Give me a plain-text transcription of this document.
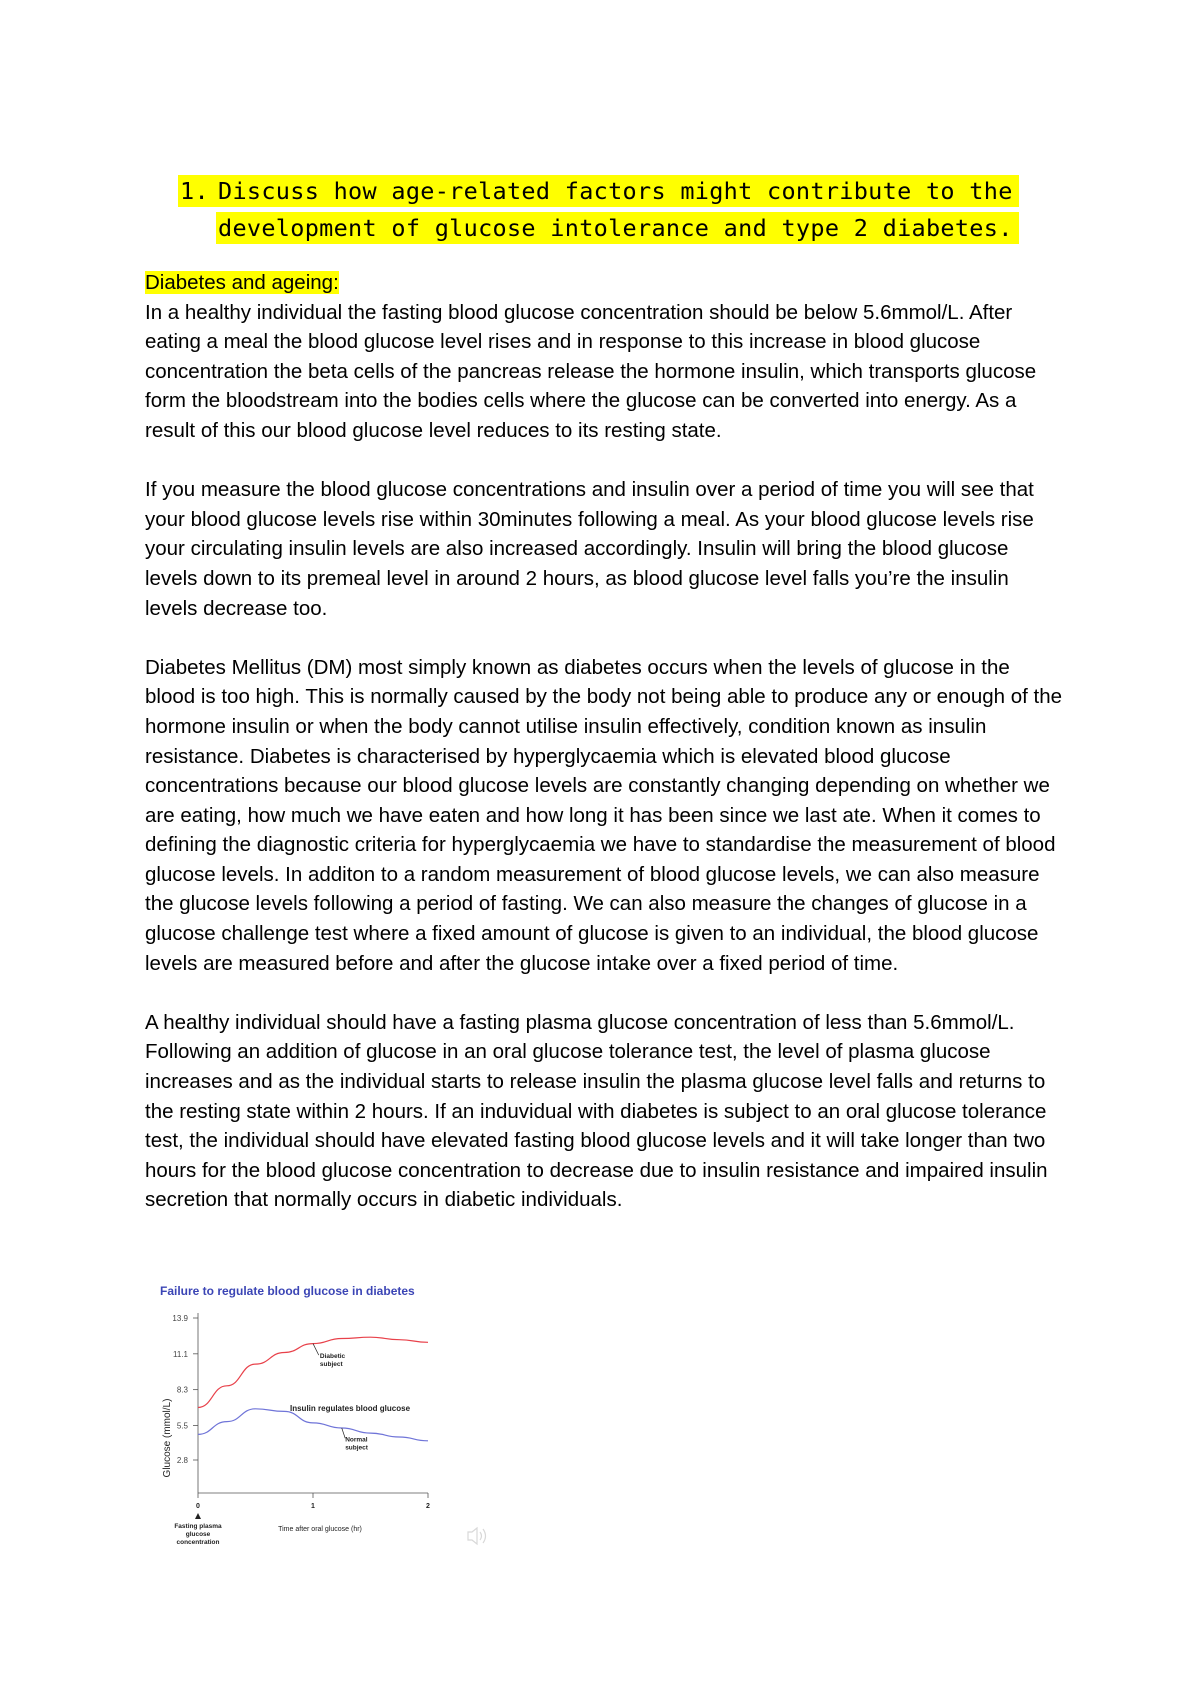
1. Discuss how age-related factors might contribute to the
development of glucose intolerance and type 2 diabetes.
Diabetes and ageing:

In a healthy individual the fasting blood glucose concentration should be below 5.6mmol/L. After eating a meal the blood glucose level rises and in response to this increase in blood glucose concentration the beta cells of the pancreas release the hormone insulin, which transports glucose form the bloodstream into the bodies cells where the glucose can be converted into energy. As a result of this our blood glucose level reduces to its resting state.

If you measure the blood glucose concentrations and insulin over a period of time you will see that your blood glucose levels rise within 30minutes following a meal. As your blood glucose levels rise your circulating insulin levels are also increased accordingly. Insulin will bring the blood glucose levels down to its premeal level in around 2 hours, as blood glucose level falls you’re the insulin levels decrease too.

Diabetes Mellitus (DM) most simply known as diabetes occurs when the levels of glucose in the blood is too high. This is normally caused by the body not being able to produce any or enough of the hormone insulin or when the body cannot utilise insulin effectively, condition known as insulin resistance. Diabetes is characterised by hyperglycaemia which is elevated blood glucose concentrations because our blood glucose levels are constantly changing depending on whether we are eating, how much we have eaten and how long it has been since we last ate. When it comes to defining the diagnostic criteria for hyperglycaemia we have to standardise the measurement of blood glucose levels. In additon to a random measurement of blood glucose levels, we can also measure the glucose levels following a period of fasting. We can also measure the changes of glucose in a glucose challenge test where a fixed amount of glucose is given to an individual, the blood glucose levels are measured before and after the glucose intake over a fixed period of time.

A healthy individual should have a fasting plasma glucose concentration of less than 5.6mmol/L. Following an addition of glucose in an oral glucose tolerance test, the level of plasma glucose increases and as the individual starts to release insulin the plasma glucose level falls and returns to the resting state within 2 hours. If an induvidual with diabetes is subject to an oral glucose tolerance test, the individual should have elevated fasting blood glucose levels and it will take longer than two hours for the blood glucose concentration to decrease due to insulin resistance and impaired insulin secretion that normally occurs in diabetic individuals.

Failure to regulate blood glucose in diabetes
Glucose (mmol/L)
Time after oral glucose (hr)
13.9
11.1
8.3
5.5
2.8
0	1	2
Diabetic
subject
Insulin regulates blood glucose
Normal
subject
Fasting plasma
glucose
concentration
